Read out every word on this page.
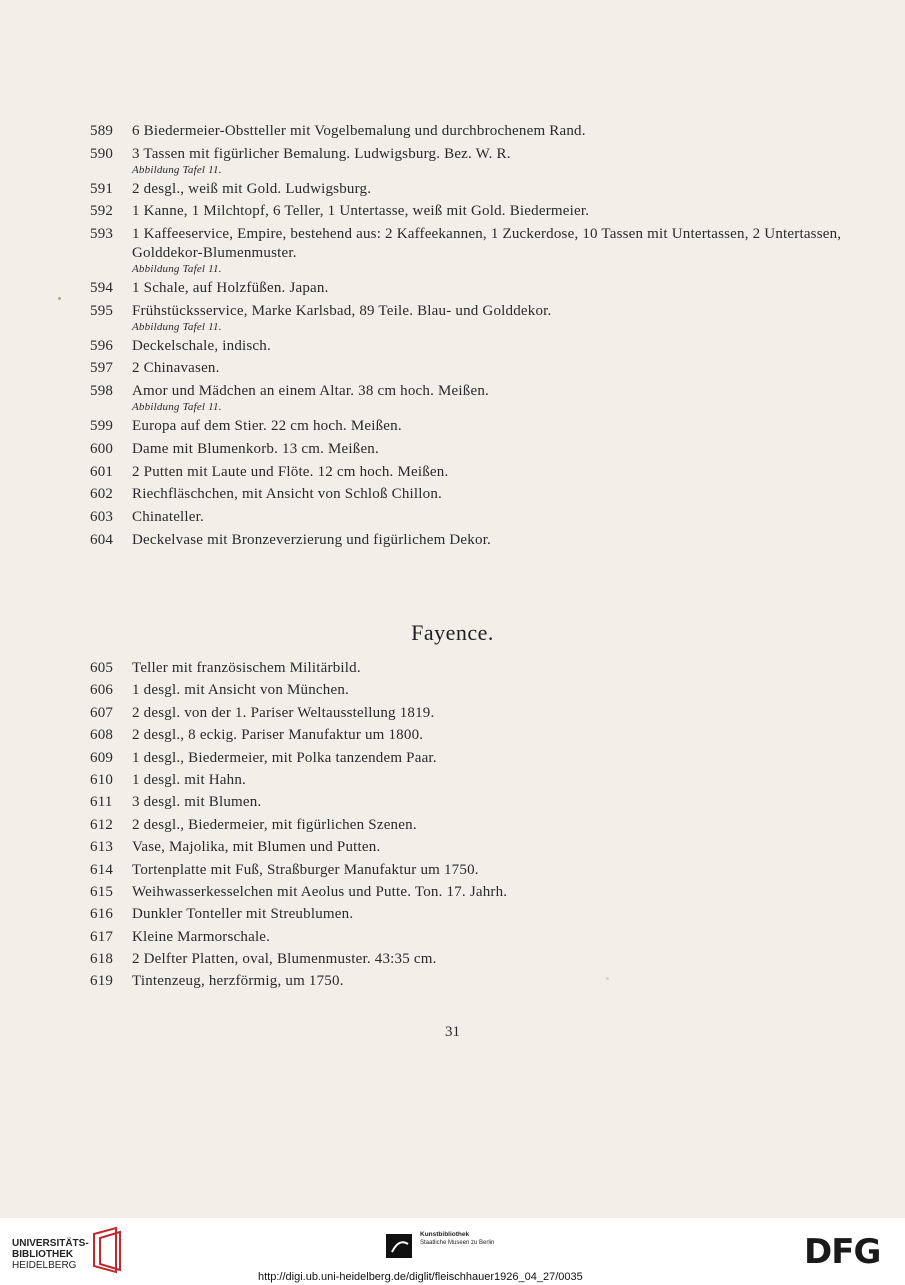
589	6 Biedermeier-Obstteller mit Vogelbemalung und durchbrochenem Rand.
590	3 Tassen mit figürlicher Bemalung. Ludwigsburg. Bez. W. R.
Abbildung Tafel 11.
591	2 desgl., weiß mit Gold. Ludwigsburg.
592	1 Kanne, 1 Milchtopf, 6 Teller, 1 Untertasse, weiß mit Gold. Biedermeier.
593	1 Kaffeeservice, Empire, bestehend aus: 2 Kaffeekannen, 1 Zuckerdose, 10 Tassen mit Untertassen, 2 Untertassen, Golddekor-Blumenmuster.
Abbildung Tafel 11.
594	1 Schale, auf Holzfüßen. Japan.
595	Frühstücksservice, Marke Karlsbad, 89 Teile. Blau- und Golddekor.
Abbildung Tafel 11.
596	Deckelschale, indisch.
597	2 Chinavasen.
598	Amor und Mädchen an einem Altar. 38 cm hoch. Meißen.
Abbildung Tafel 11.
599	Europa auf dem Stier. 22 cm hoch. Meißen.
600	Dame mit Blumenkorb. 13 cm. Meißen.
601	2 Putten mit Laute und Flöte. 12 cm hoch. Meißen.
602	Riechfläschchen, mit Ansicht von Schloß Chillon.
603	Chinateller.
604	Deckelvase mit Bronzeverzierung und figürlichem Dekor.
Fayence.
605	Teller mit französischem Militärbild.
606	1 desgl. mit Ansicht von München.
607	2 desgl. von der 1. Pariser Weltausstellung 1819.
608	2 desgl., 8 eckig. Pariser Manufaktur um 1800.
609	1 desgl., Biedermeier, mit Polka tanzendem Paar.
610	1 desgl. mit Hahn.
611	3 desgl. mit Blumen.
612	2 desgl., Biedermeier, mit figürlichen Szenen.
613	Vase, Majolika, mit Blumen und Putten.
614	Tortenplatte mit Fuß, Straßburger Manufaktur um 1750.
615	Weihwasserkesselchen mit Aeolus und Putte. Ton. 17. Jahrh.
616	Dunkler Tonteller mit Streublumen.
617	Kleine Marmorschale.
618	2 Delfter Platten, oval, Blumenmuster. 43:35 cm.
619	Tintenzeug, herzförmig, um 1750.
31
UNIVERSITÄTS-
BIBLIOTHEK
HEIDELBERG
Kunstbibliothek
Staatliche Museen zu Berlin	DFG
http://digi.ub.uni-heidelberg.de/diglit/fleischhauer1926_04_27/0035
